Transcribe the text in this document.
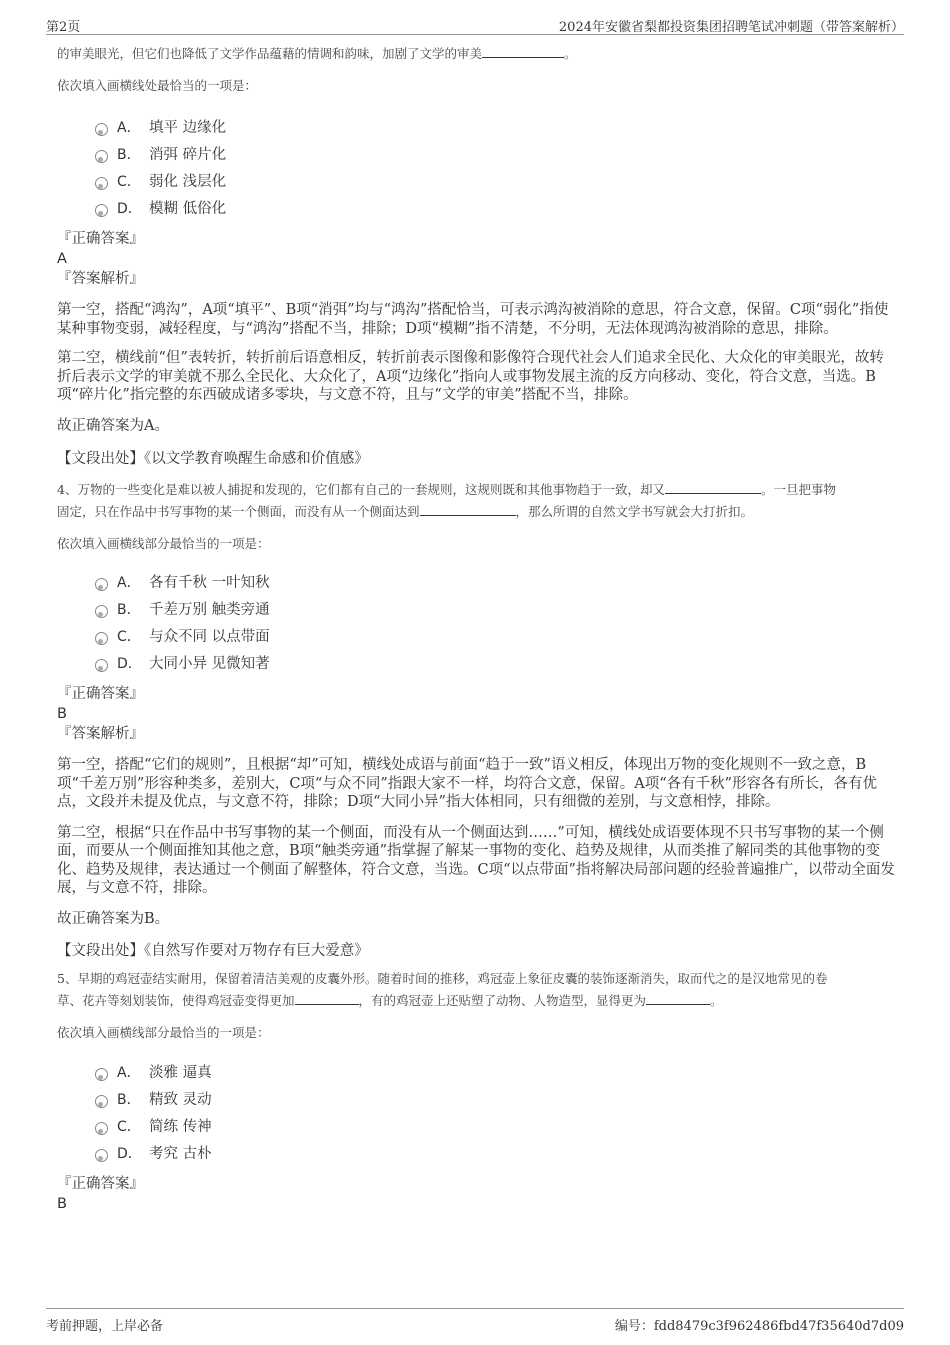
第2页	2024年安徽省梨都投资集团招聘笔试冲刺题（带答案解析）
的审美眼光，但它们也降低了文学作品蕴藉的情调和韵味，加剧了文学的审美	。
依次填入画横线处最恰当的一项是：
A． 填平 边缘化
B． 消弭 碎片化
C． 弱化 浅层化
D． 模糊 低俗化
『正确答案』
A
『答案解析』
第一空，搭配“鸿沟”，A项“填平”、B项“消弭”均与“鸿沟”搭配恰当，可表示鸿沟被消除的意思，符合文意，保留。C项“弱化”指使某种事物变弱，减轻程度，与“鸿沟”搭配不当，排除；D项“模糊”指不清楚，不分明，无法体现鸿沟被消除的意思，排除。
第二空，横线前“但”表转折，转折前后语意相反，转折前表示图像和影像符合现代社会人们追求全民化、大众化的审美眼光，故转折后表示文学的审美就不那么全民化、大众化了，A项“边缘化”指向人或事物发展主流的反方向移动、变化，符合文意，当选。B项“碎片化”指完整的东西破成诸多零块，与文意不符，且与“文学的审美”搭配不当，排除。
故正确答案为A。
【文段出处】《以文学教育唤醒生命感和价值感》
4、万物的一些变化是难以被人捕捉和发现的，它们都有自己的一套规则，这规则既和其他事物趋于一致，却又	。一旦把事物
固定，只在作品中书写事物的某一个侧面，而没有从一个侧面达到	，那么所谓的自然文学书写就会大打折扣。
依次填入画横线部分最恰当的一项是：
A． 各有千秋 一叶知秋
B． 千差万别 触类旁通
C． 与众不同 以点带面
D． 大同小异 见微知著
『正确答案』
B
『答案解析』
第一空，搭配“它们的规则”，且根据“却”可知，横线处成语与前面“趋于一致”语义相反，体现出万物的变化规则不一致之意，B项“千差万别”形容种类多，差别大，C项“与众不同”指跟大家不一样，均符合文意，保留。A项“各有千秋”形容各有所长，各有优点，文段并未提及优点，与文意不符，排除；D项“大同小异”指大体相同，只有细微的差别，与文意相悖，排除。
第二空，根据“只在作品中书写事物的某一个侧面，而没有从一个侧面达到……”可知，横线处成语要体现不只书写事物的某一个侧面，而要从一个侧面推知其他之意，B项“触类旁通”指掌握了解某一事物的变化、趋势及规律，从而类推了解同类的其他事物的变化、趋势及规律，表达通过一个侧面了解整体，符合文意，当选。C项“以点带面”指将解决局部问题的经验普遍推广，以带动全面发展，与文意不符，排除。
故正确答案为B。
【文段出处】《自然写作要对万物存有巨大爱意》
5、早期的鸡冠壶结实耐用，保留着清洁美观的皮囊外形。随着时间的推移，鸡冠壶上象征皮囊的装饰逐渐消失，取而代之的是汉地常见的卷
草、花卉等刻划装饰，使得鸡冠壶变得更加	，有的鸡冠壶上还贴塑了动物、人物造型，显得更为	。
依次填入画横线部分最恰当的一项是：
A． 淡雅 逼真
B． 精致 灵动
C． 简练 传神
D． 考究 古朴
『正确答案』
B
考前押题，上岸必备	编号：fdd8479c3f962486fbd47f35640d7d09
